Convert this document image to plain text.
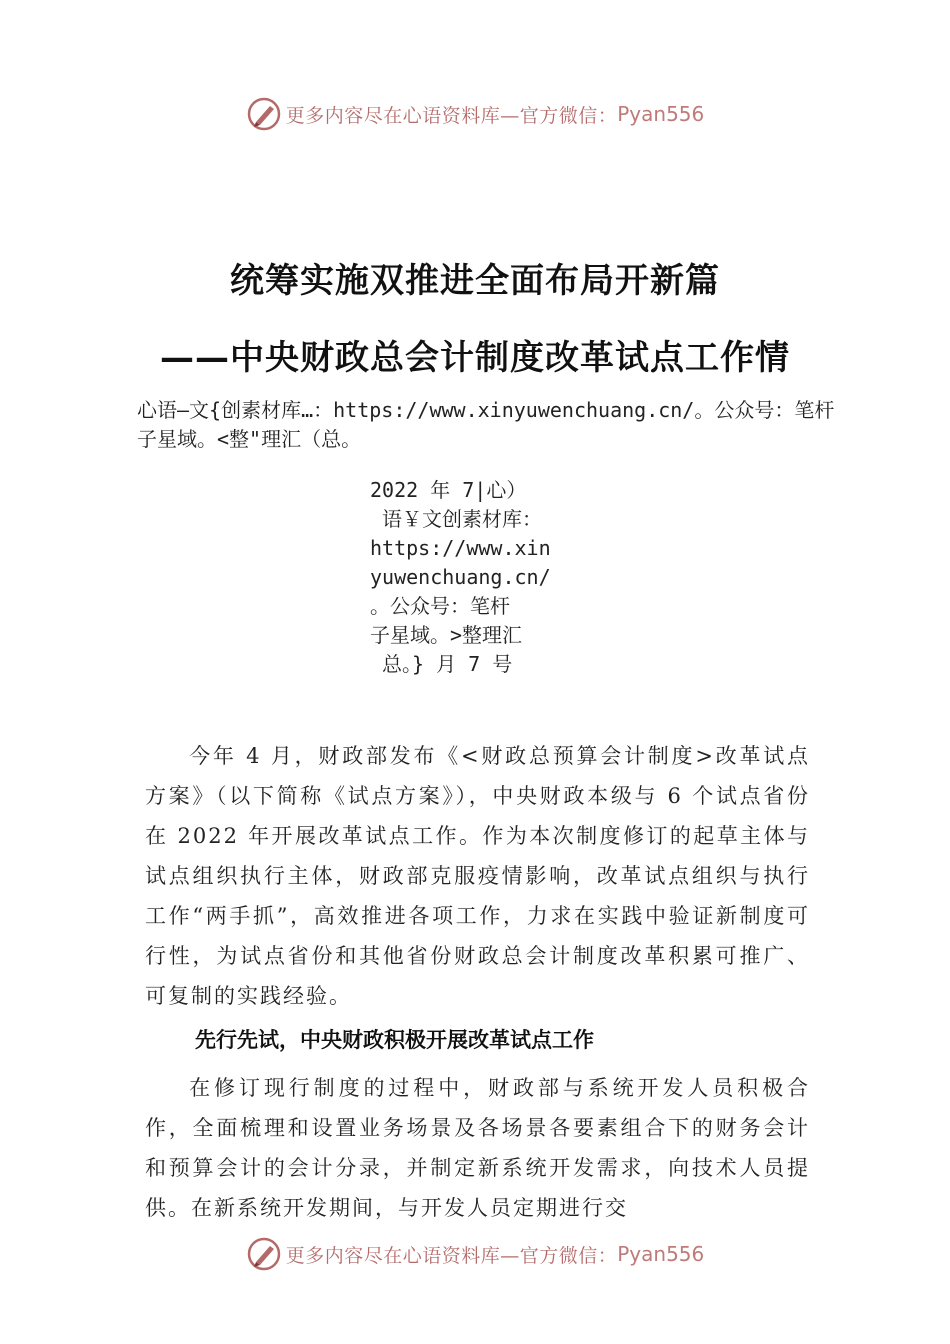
更多内容尽在心语资料库—官方微信： Pyan556
统筹实施双推进全面布局开新篇
——中央财政总会计制度改革试点工作情
心语—文{创素材库…：https://www.xinyuwenchuang.cn/。公众号：笔杆子星域。<整"理汇（总。
2022 年 7|心）
语￥文创素材库：
https://www.xin
yuwenchuang.cn/
。公众号：笔杆
子星域。>整理汇
总。} 月 7 号
今年 4 月，财政部发布《<财政总预算会计制度>改革试点方案》（以下简称《试点方案》），中央财政本级与 6 个试点省份在 2022 年开展改革试点工作。作为本次制度修订的起草主体与试点组织执行主体，财政部克服疫情影响，改革试点组织与执行工作“两手抓”，高效推进各项工作，力求在实践中验证新制度可行性，为试点省份和其他省份财政总会计制度改革积累可推广、可复制的实践经验。
先行先试，中央财政积极开展改革试点工作
在修订现行制度的过程中，财政部与系统开发人员积极合作，全面梳理和设置业务场景及各场景各要素组合下的财务会计和预算会计的会计分录，并制定新系统开发需求，向技术人员提供。在新系统开发期间，与开发人员定期进行交
更多内容尽在心语资料库—官方微信： Pyan556
